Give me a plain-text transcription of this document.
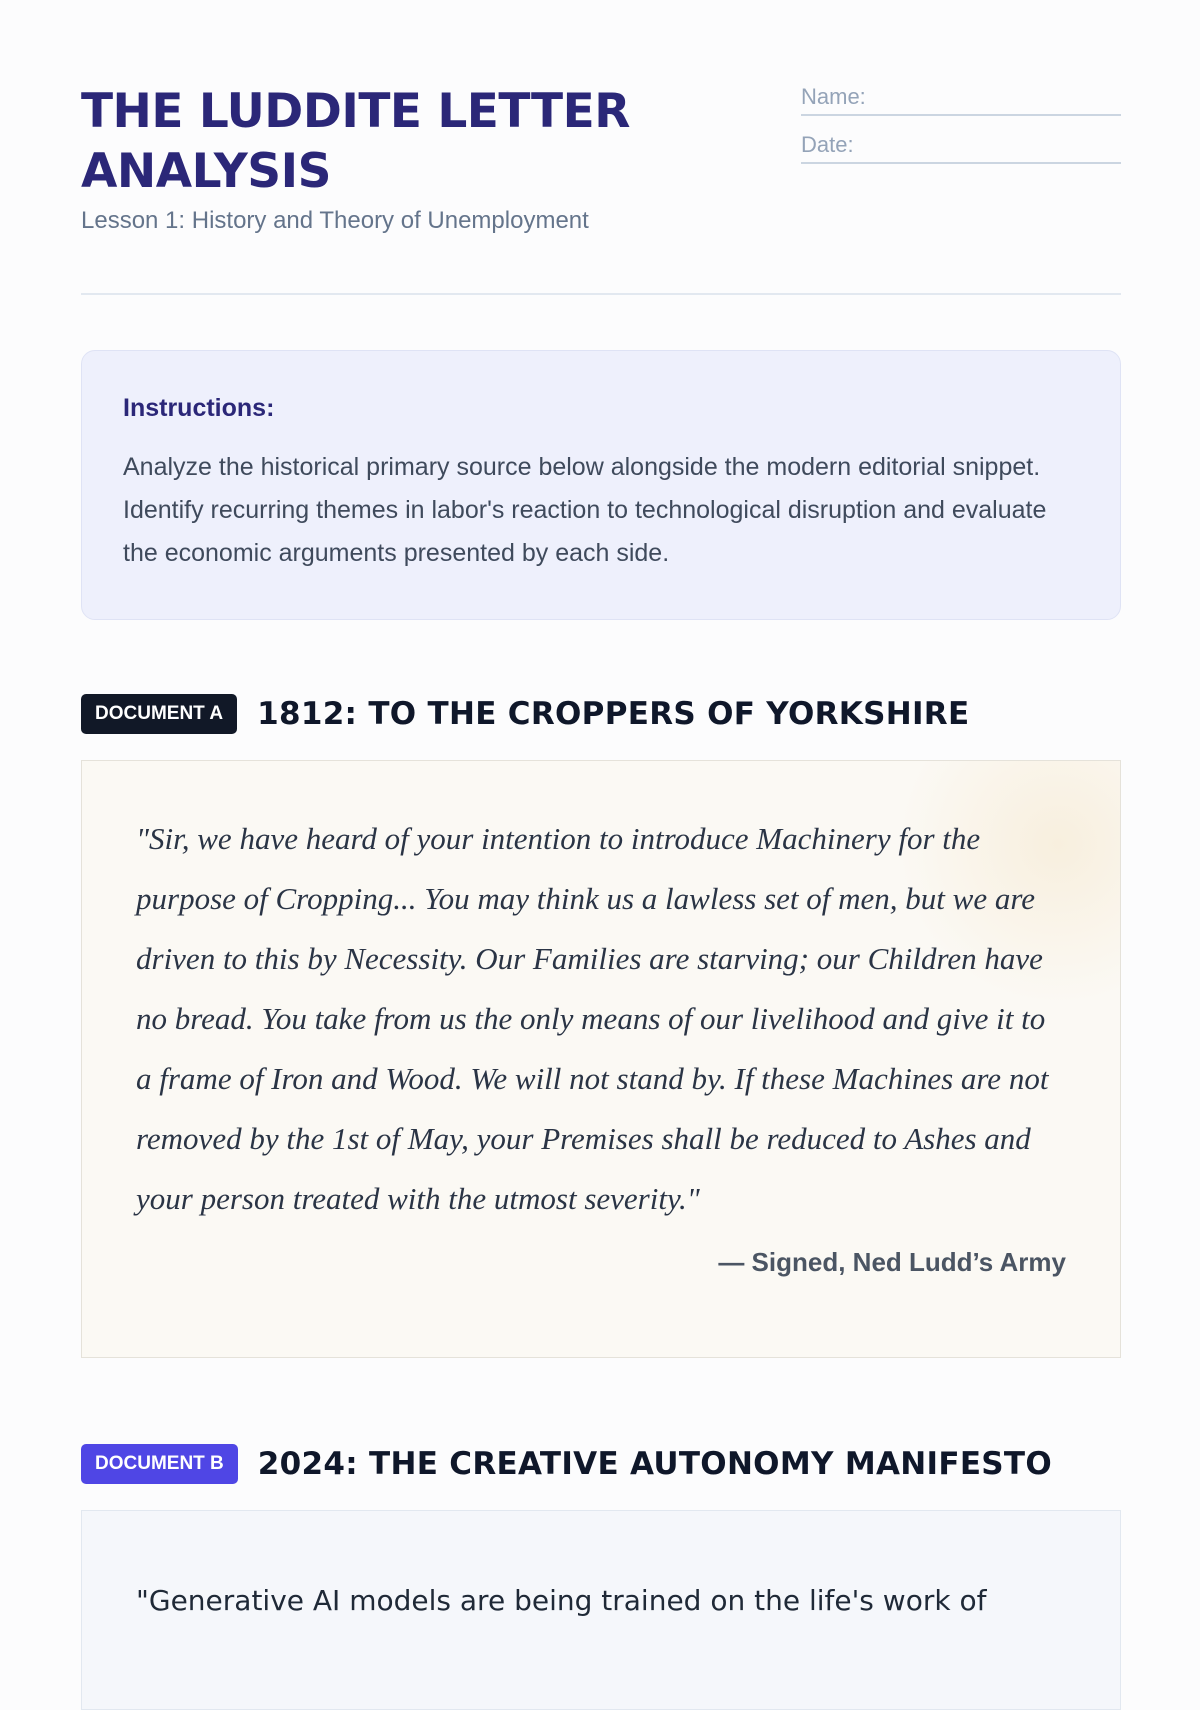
THE LUDDITE LETTER ANALYSIS

Lesson 1: History and Theory of Unemployment

Name:
Date:

Instructions:

Analyze the historical primary source below alongside the modern editorial snippet. Identify recurring themes in labor's reaction to technological disruption and evaluate the economic arguments presented by each side.

DOCUMENT A	1812: TO THE CROPPERS OF YORKSHIRE

"Sir, we have heard of your intention to introduce Machinery for the purpose of Cropping... You may think us a lawless set of men, but we are driven to this by Necessity. Our Families are starving; our Children have no bread. You take from us the only means of our livelihood and give it to a frame of Iron and Wood. We will not stand by. If these Machines are not removed by the 1st of May, your Premises shall be reduced to Ashes and your person treated with the utmost severity."

— Signed, Ned Ludd’s Army

DOCUMENT B	2024: THE CREATIVE AUTONOMY MANIFESTO

"Generative AI models are being trained on the life's work of
